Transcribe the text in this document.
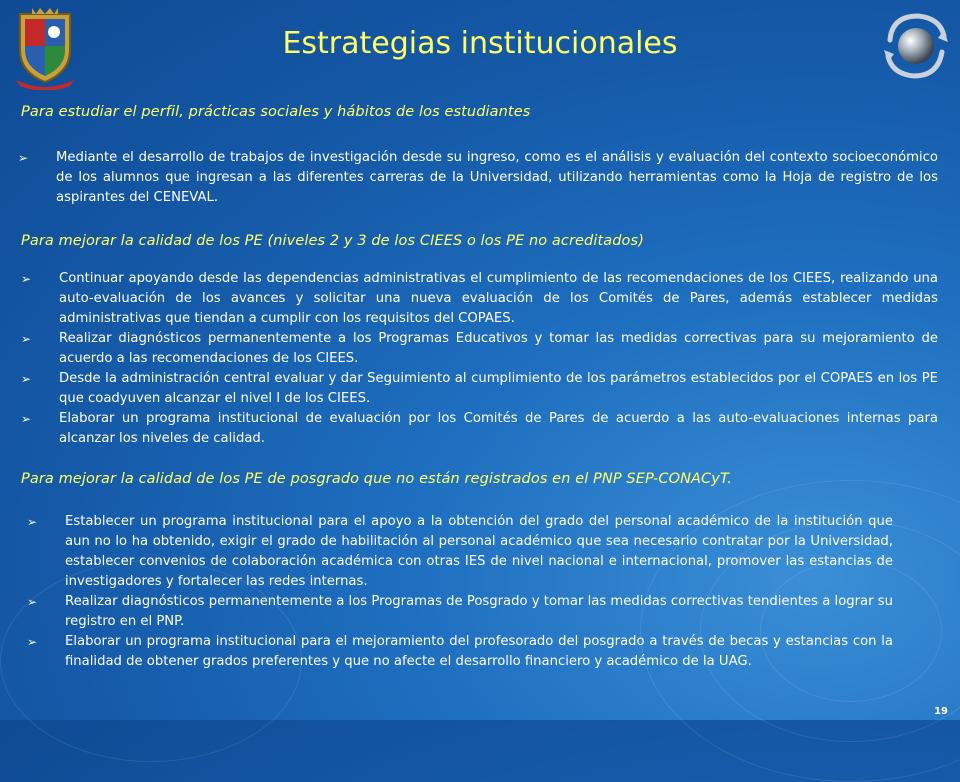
Estrategias institucionales

Para estudiar el perfil, prácticas sociales y hábitos de los estudiantes

➢	Mediante el desarrollo de trabajos de investigación desde su ingreso, como es el análisis y evaluación del contexto socioeconómico de los alumnos que ingresan a las diferentes carreras de la Universidad, utilizando herramientas como la Hoja de registro de los aspirantes del CENEVAL.

Para mejorar la calidad de los PE (niveles 2 y 3 de los CIEES o los PE no acreditados)

➢	Continuar apoyando desde las dependencias administrativas el cumplimiento de las recomendaciones de los CIEES, realizando una auto-evaluación de los avances y solicitar una nueva evaluación de los Comités de Pares, además establecer medidas administrativas que tiendan a cumplir con los requisitos del COPAES.
➢	Realizar diagnósticos permanentemente a los Programas Educativos y tomar las medidas correctivas para su mejoramiento de acuerdo a las recomendaciones de los CIEES.
➢	Desde la administración central evaluar y dar Seguimiento al cumplimiento de los parámetros establecidos por el COPAES en los PE que coadyuven alcanzar el nivel I de los CIEES.
➢	Elaborar un programa institucional de evaluación por los Comités de Pares de acuerdo a las auto-evaluaciones internas para alcanzar los niveles de calidad.

Para mejorar la calidad de los PE de posgrado que no están registrados en el PNP SEP-CONACyT.

➢	Establecer un programa institucional para el apoyo a la obtención del grado del personal académico de la institución que aun no lo ha obtenido, exigir el grado de habilitación al personal académico que sea necesario contratar por la Universidad, establecer convenios de colaboración académica con otras IES de nivel nacional e internacional, promover las estancias de investigadores y fortalecer las redes internas.
➢	Realizar diagnósticos permanentemente a los Programas de Posgrado y tomar las medidas correctivas tendientes a lograr su registro en el PNP.
➢	Elaborar un programa institucional para el mejoramiento del profesorado del posgrado a través de becas y estancias con la finalidad de obtener grados preferentes y que no afecte el desarrollo financiero y académico de la UAG.
19
